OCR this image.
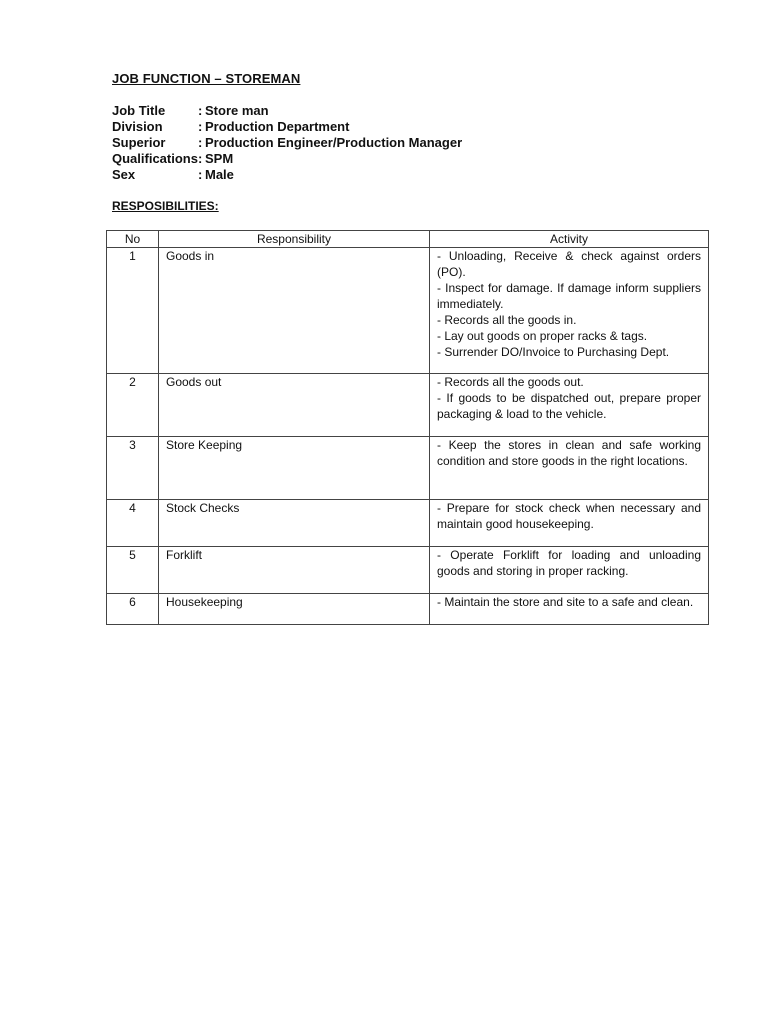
JOB FUNCTION – STOREMAN
Job Title	: Store man
Division	: Production Department
Superior	: Production Engineer/Production Manager
Qualifications: SPM
Sex	: Male
RESPOSIBILITIES:
No	Responsibility	Activity
1	Goods in	- Unloading, Receive & check against orders (PO).
- Inspect for damage. If damage inform suppliers immediately.
- Records all the goods in.
- Lay out goods on proper racks & tags.
- Surrender DO/Invoice to Purchasing Dept.

2	Goods out	- Records all the goods out.
- If goods to be dispatched out, prepare proper packaging & load to the vehicle.

3	Store Keeping	- Keep the stores in clean and safe working condition and store goods in the right locations.

4	Stock Checks	- Prepare for stock check when necessary and maintain good housekeeping.

5	Forklift	- Operate Forklift for loading and unloading goods and storing in proper racking.

6	Housekeeping	- Maintain the store and site to a safe and clean.
